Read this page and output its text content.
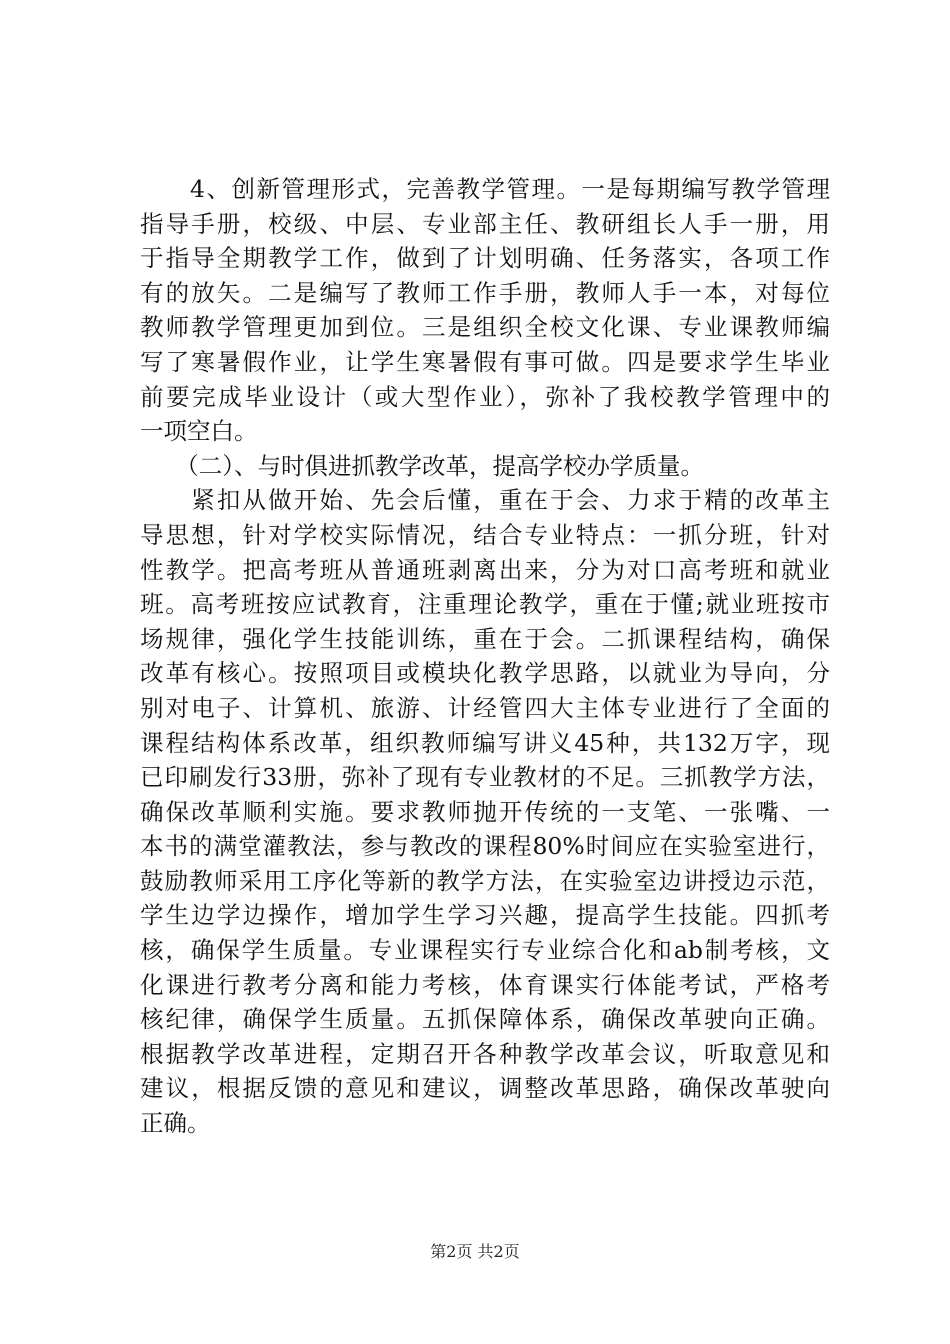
　　4、创新管理形式，完善教学管理。一是每期编写教学管理
指导手册，校级、中层、专业部主任、教研组长人手一册，用
于指导全期教学工作，做到了计划明确、任务落实，各项工作
有的放矢。二是编写了教师工作手册，教师人手一本，对每位
教师教学管理更加到位。三是组织全校文化课、专业课教师编
写了寒暑假作业，让学生寒暑假有事可做。四是要求学生毕业
前要完成毕业设计（或大型作业），弥补了我校教学管理中的
一项空白。
　　（二）、与时俱进抓教学改革，提高学校办学质量。
　　紧扣从做开始、先会后懂，重在于会、力求于精的改革主
导思想，针对学校实际情况，结合专业特点：一抓分班，针对
性教学。把高考班从普通班剥离出来，分为对口高考班和就业
班。高考班按应试教育，注重理论教学，重在于懂;就业班按市
场规律，强化学生技能训练，重在于会。二抓课程结构，确保
改革有核心。按照项目或模块化教学思路，以就业为导向，分
别对电子、计算机、旅游、计经管四大主体专业进行了全面的
课程结构体系改革，组织教师编写讲义45种，共132万字，现
已印刷发行33册，弥补了现有专业教材的不足。三抓教学方法，
确保改革顺利实施。要求教师抛开传统的一支笔、一张嘴、一
本书的满堂灌教法，参与教改的课程80%时间应在实验室进行，
鼓励教师采用工序化等新的教学方法，在实验室边讲授边示范，
学生边学边操作，增加学生学习兴趣，提高学生技能。四抓考
核，确保学生质量。专业课程实行专业综合化和ab制考核，文
化课进行教考分离和能力考核，体育课实行体能考试，严格考
核纪律，确保学生质量。五抓保障体系，确保改革驶向正确。
根据教学改革进程，定期召开各种教学改革会议，听取意见和
建议，根据反馈的意见和建议，调整改革思路，确保改革驶向
正确。
第2页 共2页
